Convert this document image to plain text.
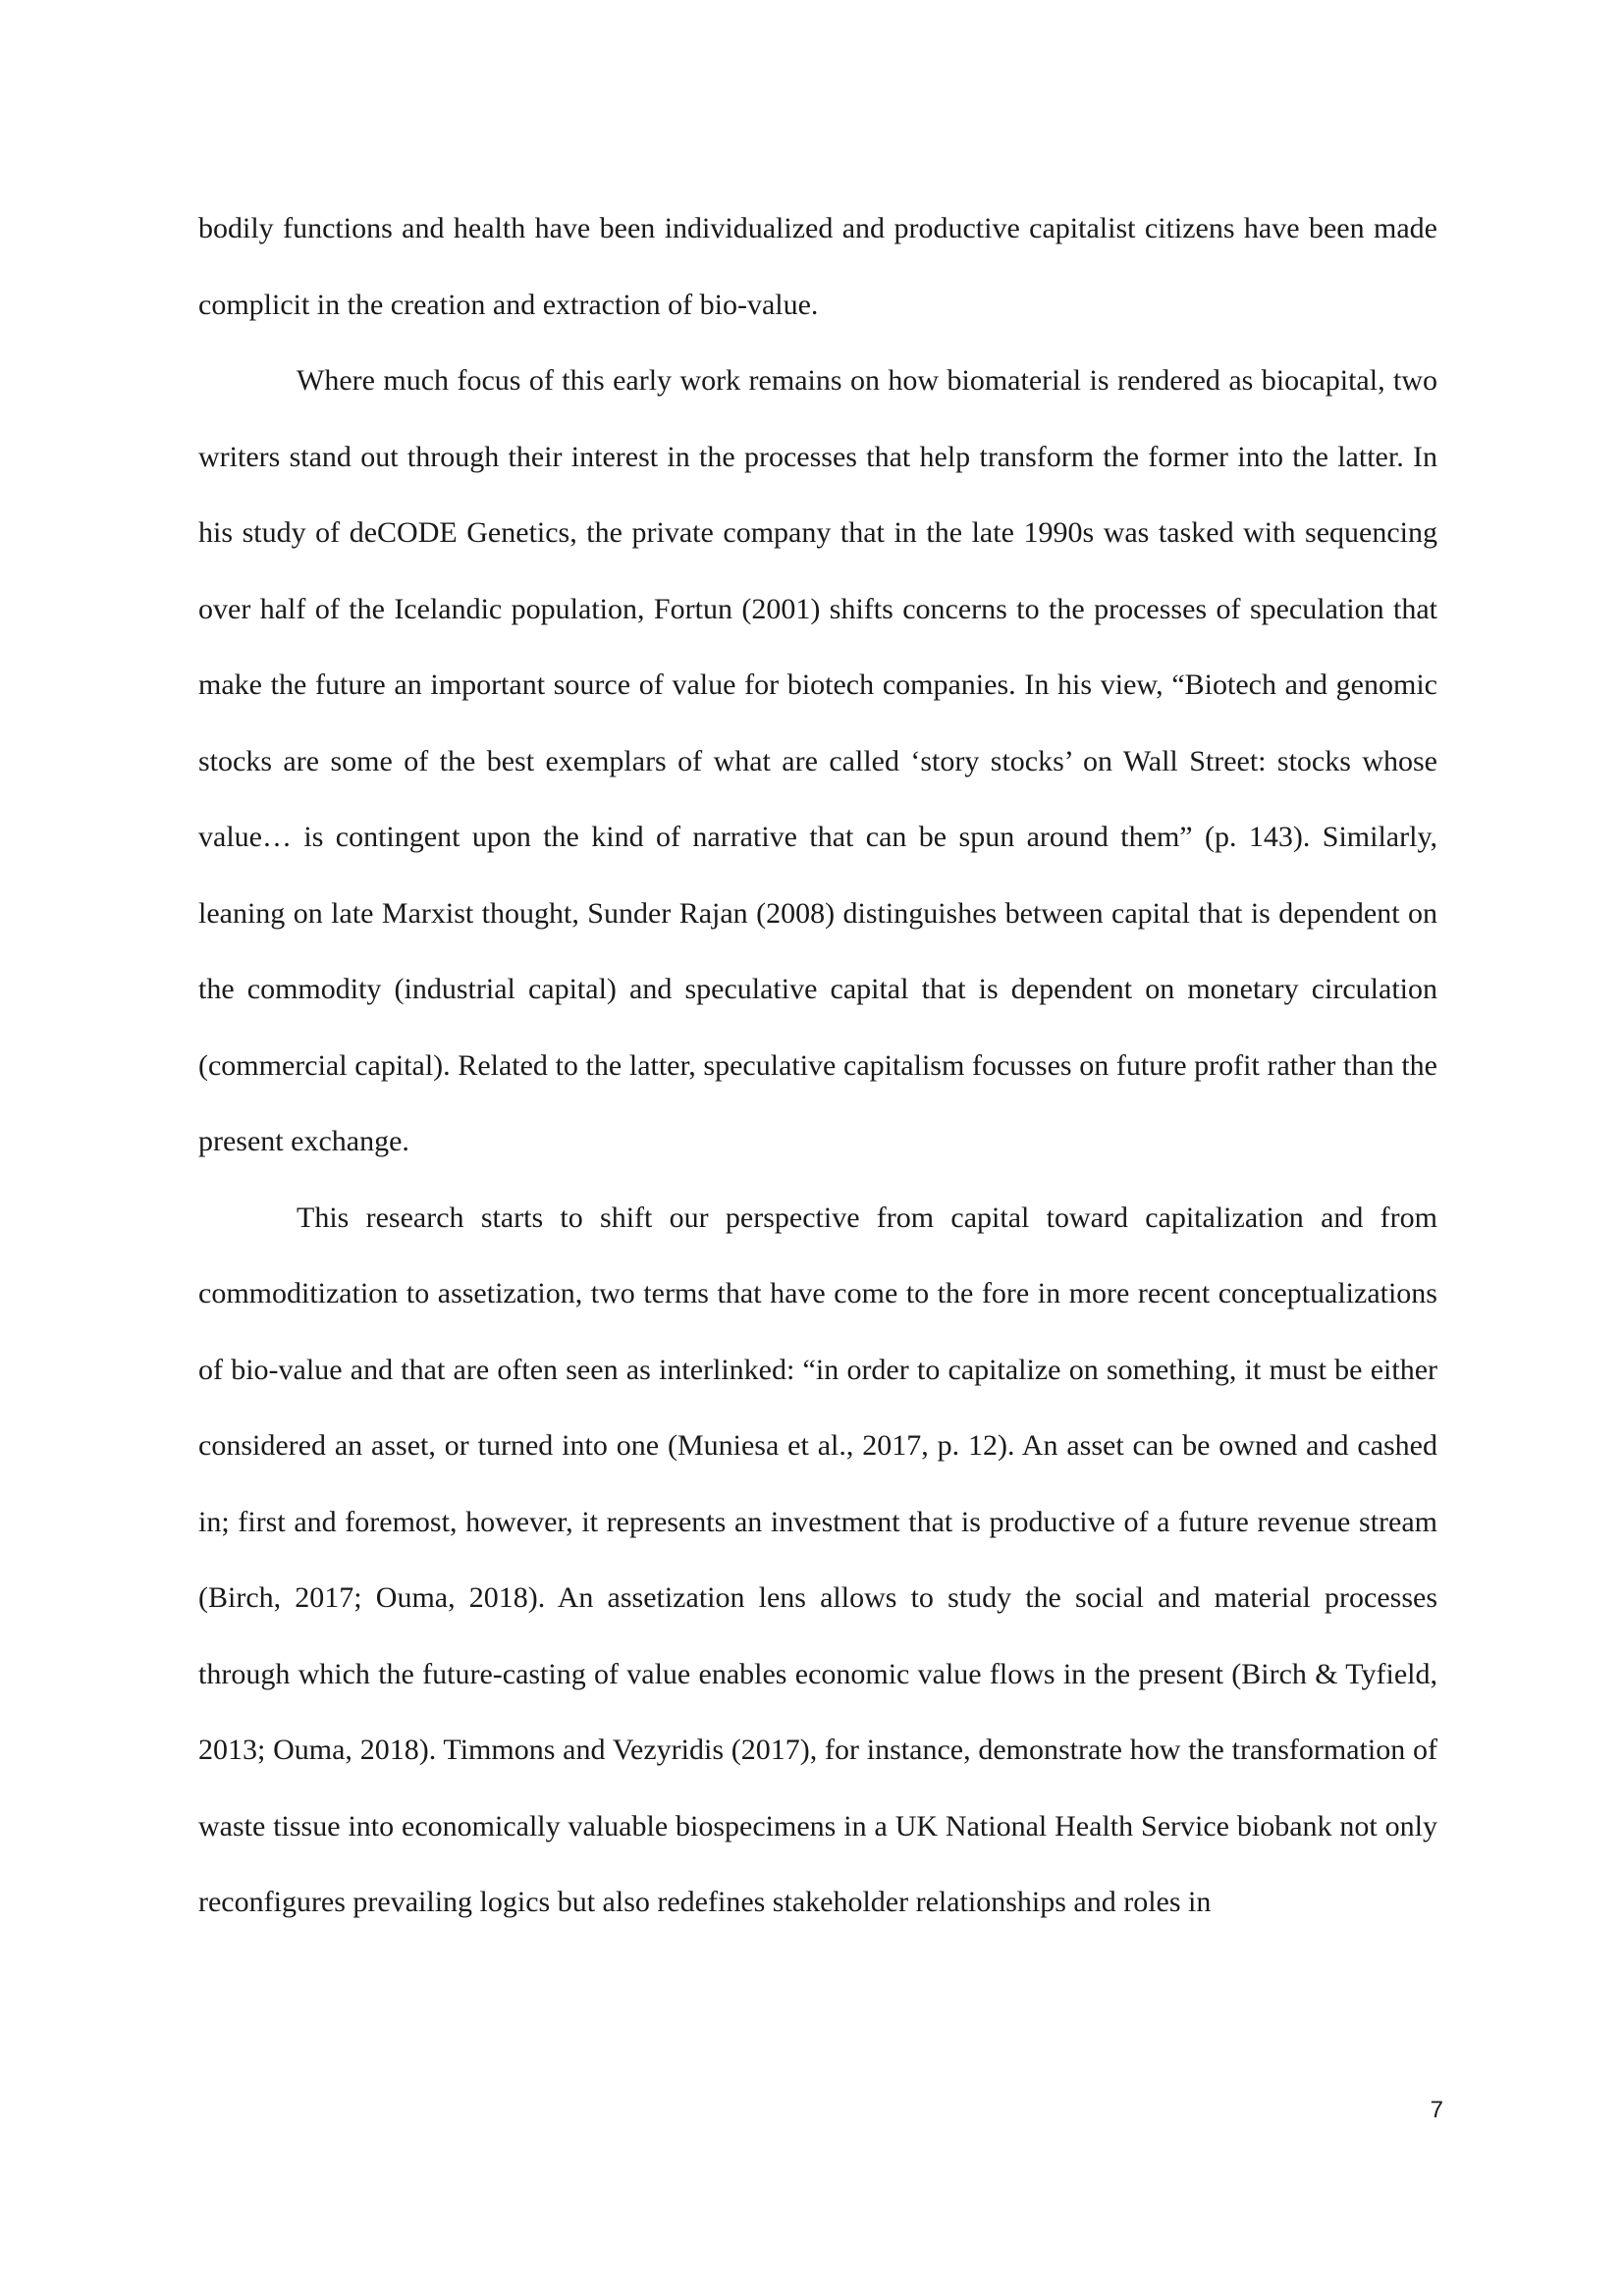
bodily functions and health have been individualized and productive capitalist citizens have been made complicit in the creation and extraction of bio-value.

Where much focus of this early work remains on how biomaterial is rendered as biocapital, two writers stand out through their interest in the processes that help transform the former into the latter. In his study of deCODE Genetics, the private company that in the late 1990s was tasked with sequencing over half of the Icelandic population, Fortun (2001) shifts concerns to the processes of speculation that make the future an important source of value for biotech companies. In his view, “Biotech and genomic stocks are some of the best exemplars of what are called ‘story stocks’ on Wall Street: stocks whose value… is contingent upon the kind of narrative that can be spun around them” (p. 143). Similarly, leaning on late Marxist thought, Sunder Rajan (2008) distinguishes between capital that is dependent on the commodity (industrial capital) and speculative capital that is dependent on monetary circulation (commercial capital). Related to the latter, speculative capitalism focusses on future profit rather than the present exchange.

This research starts to shift our perspective from capital toward capitalization and from commoditization to assetization, two terms that have come to the fore in more recent conceptualizations of bio-value and that are often seen as interlinked: “in order to capitalize on something, it must be either considered an asset, or turned into one (Muniesa et al., 2017, p. 12). An asset can be owned and cashed in; first and foremost, however, it represents an investment that is productive of a future revenue stream (Birch, 2017; Ouma, 2018). An assetization lens allows to study the social and material processes through which the future-casting of value enables economic value flows in the present (Birch & Tyfield, 2013; Ouma, 2018). Timmons and Vezyridis (2017), for instance, demonstrate how the transformation of waste tissue into economically valuable biospecimens in a UK National Health Service biobank not only reconfigures prevailing logics but also redefines stakeholder relationships and roles in

7
